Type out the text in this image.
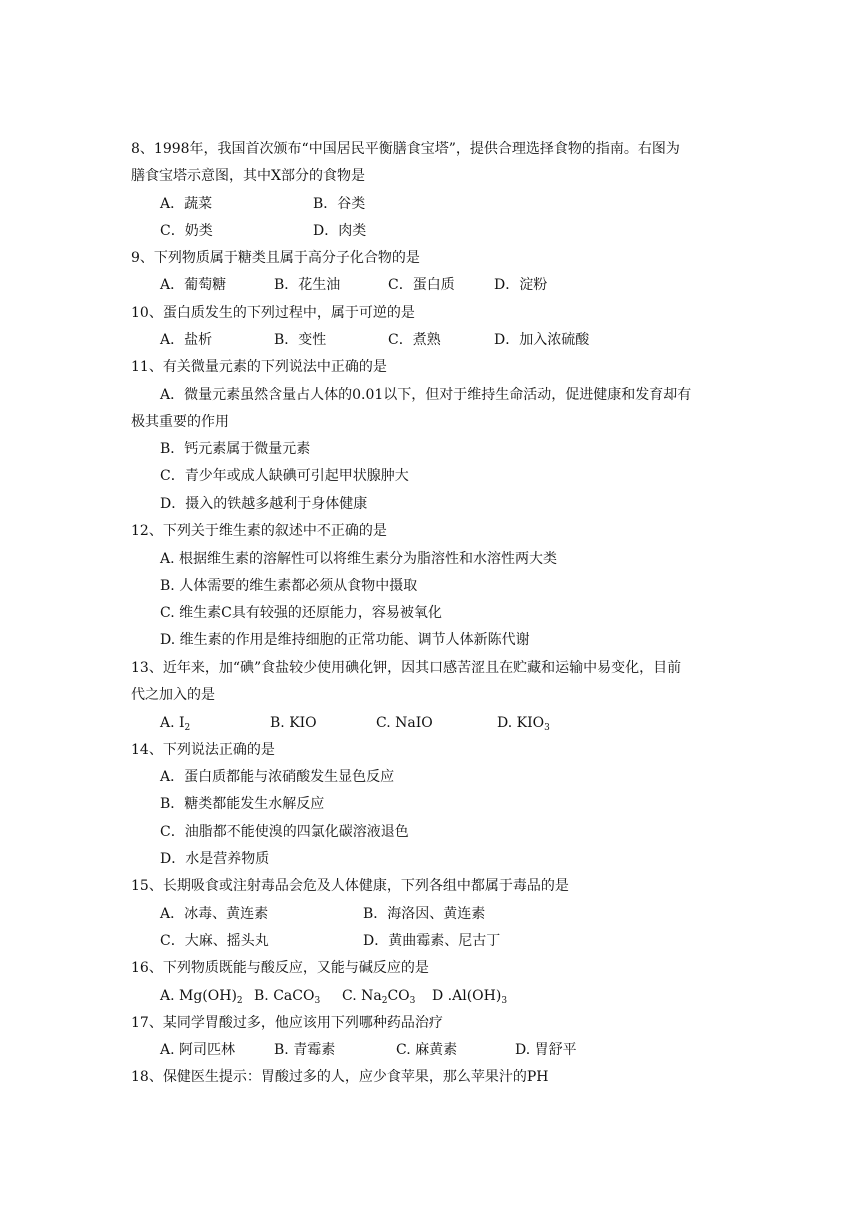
8、1998年，我国首次颁布“中国居民平衡膳食宝塔”，提供合理选择食物的指南。右图为
膳食宝塔示意图，其中X部分的食物是
A．蔬菜	B．谷类
C．奶类	D．肉类
9、下列物质属于糖类且属于高分子化合物的是
A．葡萄糖	B．花生油	C．蛋白质	D．淀粉
10、蛋白质发生的下列过程中，属于可逆的是
A．盐析	B．变性	C．煮熟	D．加入浓硫酸
11、有关微量元素的下列说法中正确的是
A．微量元素虽然含量占人体的0.01以下，但对于维持生命活动，促进健康和发育却有
极其重要的作用
B．钙元素属于微量元素
C．青少年或成人缺碘可引起甲状腺肿大
D．摄入的铁越多越利于身体健康
12、下列关于维生素的叙述中不正确的是
A. 根据维生素的溶解性可以将维生素分为脂溶性和水溶性两大类
B. 人体需要的维生素都必须从食物中摄取
C. 维生素C具有较强的还原能力，容易被氧化
D. 维生素的作用是维持细胞的正常功能、调节人体新陈代谢
13、近年来，加“碘”食盐较少使用碘化钾，因其口感苦涩且在贮藏和运输中易变化，目前
代之加入的是
A. $I_2$	B. KIO	C. NaIO	D. $KIO_3$
14、下列说法正确的是
A．蛋白质都能与浓硝酸发生显色反应
B．糖类都能发生水解反应
C．油脂都不能使溴的四氯化碳溶液退色
D．水是营养物质
15、长期吸食或注射毒品会危及人体健康，下列各组中都属于毒品的是
A．冰毒、黄连素	B．海洛因、黄连素
C．大麻、摇头丸	D．黄曲霉素、尼古丁
16、下列物质既能与酸反应，又能与碱反应的是
A. $Mg(OH)_2$ B. CaCO$_3$ C. $Na_2CO_3$ D $.Al(OH)_3$
17、某同学胃酸过多，他应该用下列哪种药品治疗
A. 阿司匹林	B. 青霉素	C. 麻黄素	D. 胃舒平
18、保健医生提示：胃酸过多的人，应少食苹果，那么苹果汁的PH
